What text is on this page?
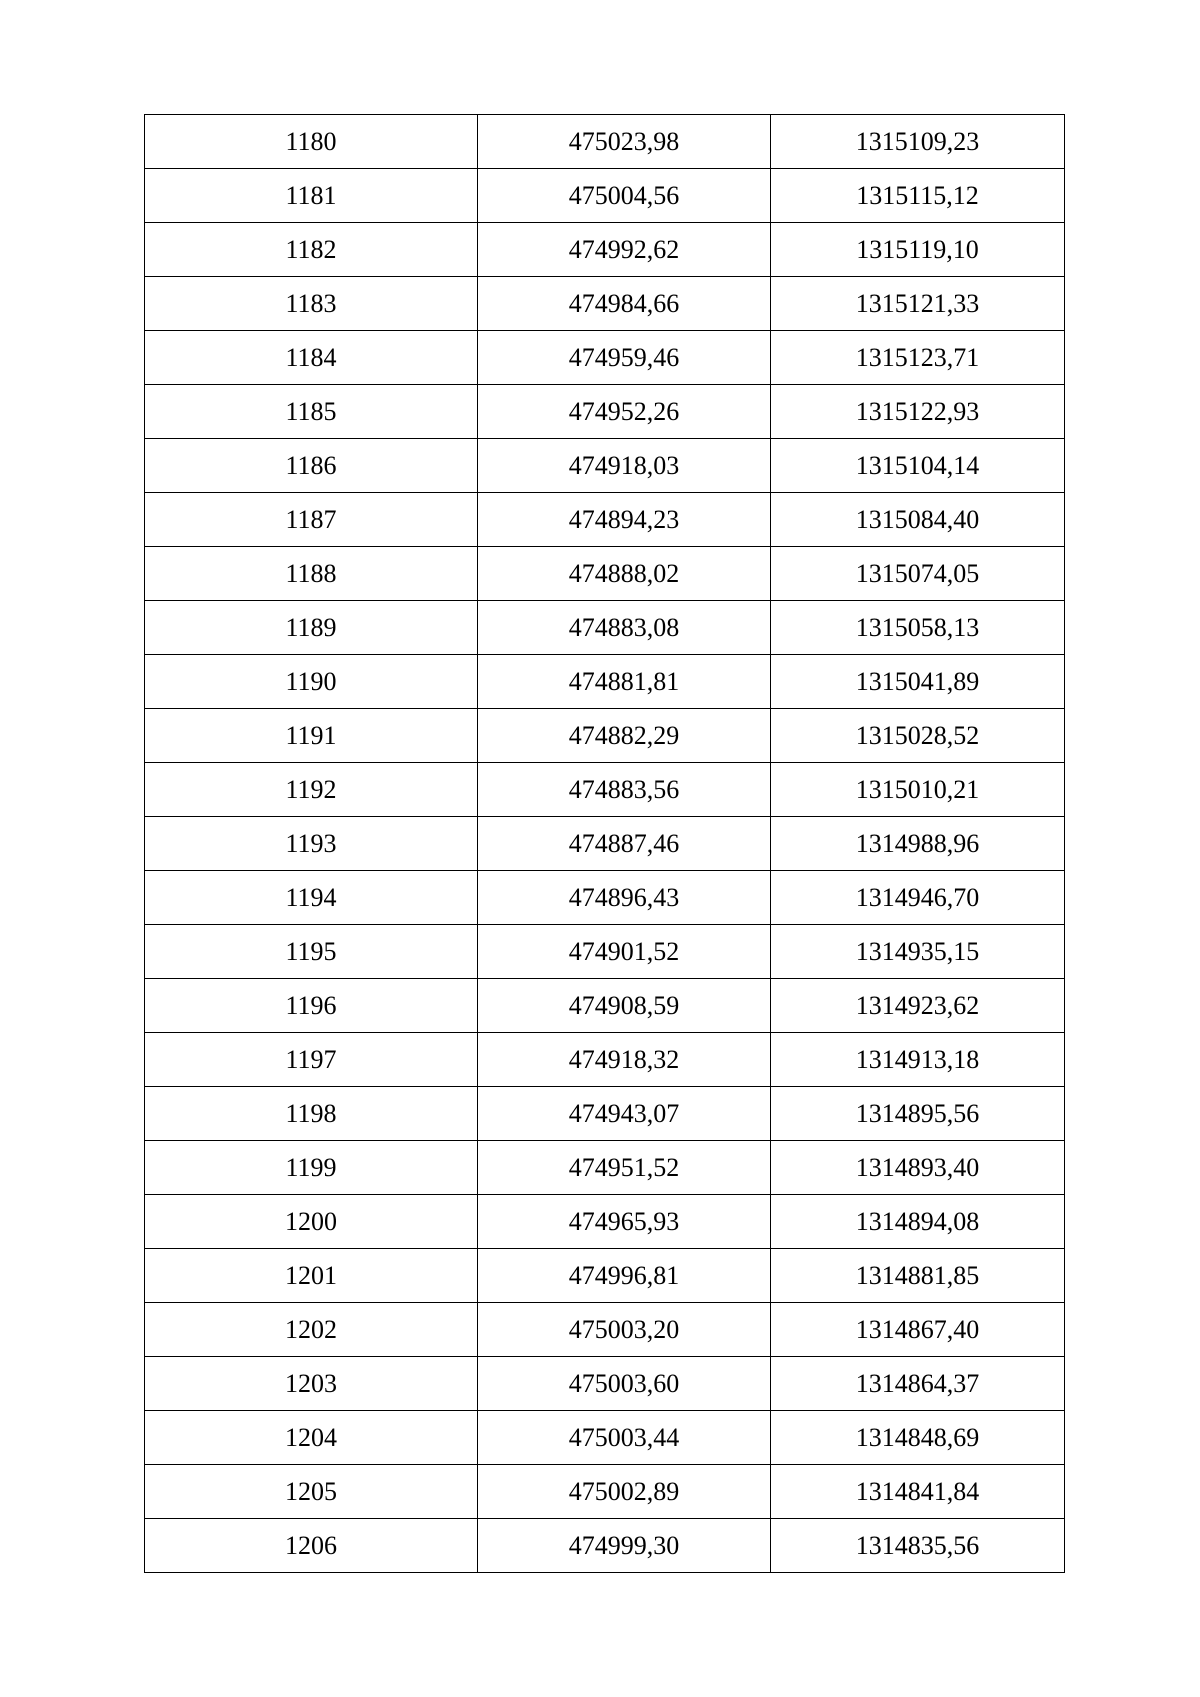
1180	475023,98	1315109,23
1181	475004,56	1315115,12
1182	474992,62	1315119,10
1183	474984,66	1315121,33
1184	474959,46	1315123,71
1185	474952,26	1315122,93
1186	474918,03	1315104,14
1187	474894,23	1315084,40
1188	474888,02	1315074,05
1189	474883,08	1315058,13
1190	474881,81	1315041,89
1191	474882,29	1315028,52
1192	474883,56	1315010,21
1193	474887,46	1314988,96
1194	474896,43	1314946,70
1195	474901,52	1314935,15
1196	474908,59	1314923,62
1197	474918,32	1314913,18
1198	474943,07	1314895,56
1199	474951,52	1314893,40
1200	474965,93	1314894,08
1201	474996,81	1314881,85
1202	475003,20	1314867,40
1203	475003,60	1314864,37
1204	475003,44	1314848,69
1205	475002,89	1314841,84
1206	474999,30	1314835,56
